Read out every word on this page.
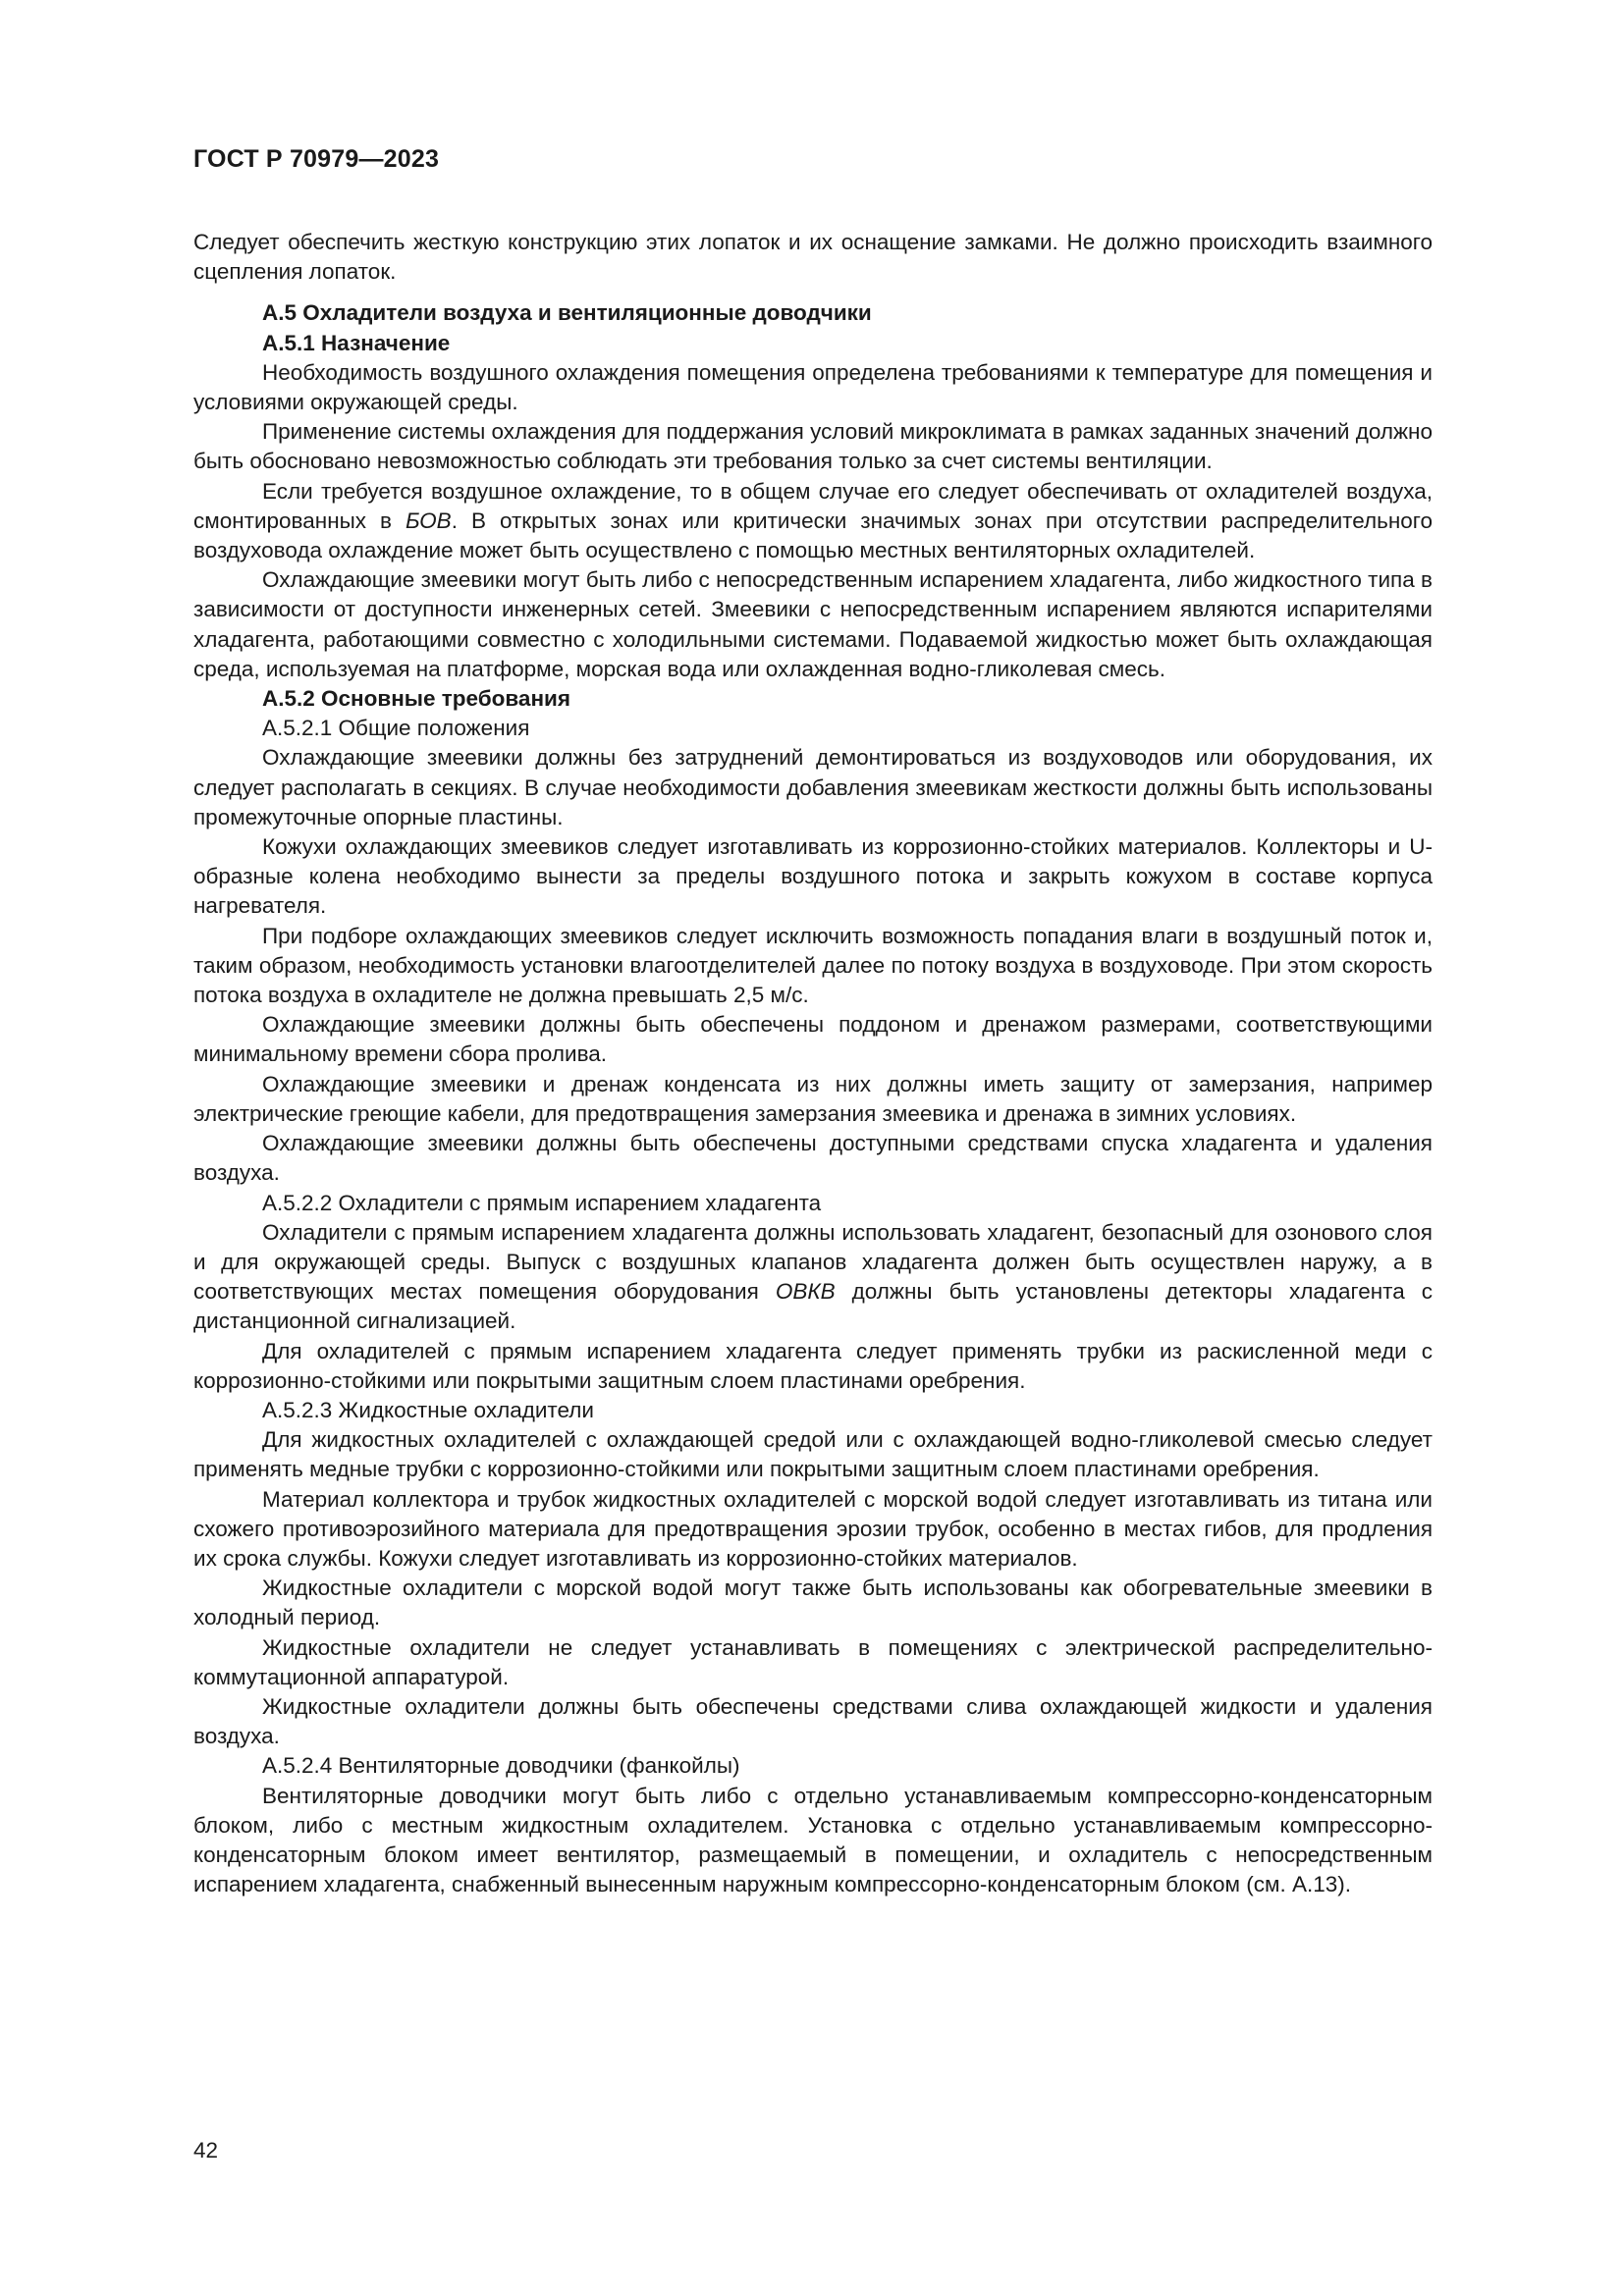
ГОСТ Р 70979—2023

Следует обеспечить жесткую конструкцию этих лопаток и их оснащение замками. Не должно происходить взаимного сцепления лопаток.

А.5 Охладители воздуха и вентиляционные доводчики

А.5.1 Назначение

Необходимость воздушного охлаждения помещения определена требованиями к температуре для помещения и условиями окружающей среды.

Применение системы охлаждения для поддержания условий микроклимата в рамках заданных значений должно быть обосновано невозможностью соблюдать эти требования только за счет системы вентиляции.

Если требуется воздушное охлаждение, то в общем случае его следует обеспечивать от охладителей воздуха, смонтированных в БОВ. В открытых зонах или критически значимых зонах при отсутствии распределительного воздуховода охлаждение может быть осуществлено с помощью местных вентиляторных охладителей.

Охлаждающие змеевики могут быть либо с непосредственным испарением хладагента, либо жидкостного типа в зависимости от доступности инженерных сетей. Змеевики с непосредственным испарением являются испарителями хладагента, работающими совместно с холодильными системами. Подаваемой жидкостью может быть охлаждающая среда, используемая на платформе, морская вода или охлажденная водно-гликолевая смесь.

А.5.2 Основные требования

А.5.2.1 Общие положения

Охлаждающие змеевики должны без затруднений демонтироваться из воздуховодов или оборудования, их следует располагать в секциях. В случае необходимости добавления змеевикам жесткости должны быть использованы промежуточные опорные пластины.

Кожухи охлаждающих змеевиков следует изготавливать из коррозионно-стойких материалов. Коллекторы и U-образные колена необходимо вынести за пределы воздушного потока и закрыть кожухом в составе корпуса нагревателя.

При подборе охлаждающих змеевиков следует исключить возможность попадания влаги в воздушный поток и, таким образом, необходимость установки влагоотделителей далее по потоку воздуха в воздуховоде. При этом скорость потока воздуха в охладителе не должна превышать 2,5 м/с.

Охлаждающие змеевики должны быть обеспечены поддоном и дренажом размерами, соответствующими минимальному времени сбора пролива.

Охлаждающие змеевики и дренаж конденсата из них должны иметь защиту от замерзания, например электрические греющие кабели, для предотвращения замерзания змеевика и дренажа в зимних условиях.

Охлаждающие змеевики должны быть обеспечены доступными средствами спуска хладагента и удаления воздуха.

А.5.2.2 Охладители с прямым испарением хладагента

Охладители с прямым испарением хладагента должны использовать хладагент, безопасный для озонового слоя и для окружающей среды. Выпуск с воздушных клапанов хладагента должен быть осуществлен наружу, а в соответствующих местах помещения оборудования ОВКВ должны быть установлены детекторы хладагента с дистанционной сигнализацией.

Для охладителей с прямым испарением хладагента следует применять трубки из раскисленной меди с коррозионно-стойкими или покрытыми защитным слоем пластинами оребрения.

А.5.2.3 Жидкостные охладители

Для жидкостных охладителей с охлаждающей средой или с охлаждающей водно-гликолевой смесью следует применять медные трубки с коррозионно-стойкими или покрытыми защитным слоем пластинами оребрения.

Материал коллектора и трубок жидкостных охладителей с морской водой следует изготавливать из титана или схожего противоэрозийного материала для предотвращения эрозии трубок, особенно в местах гибов, для продления их срока службы. Кожухи следует изготавливать из коррозионно-стойких материалов.

Жидкостные охладители с морской водой могут также быть использованы как обогревательные змеевики в холодный период.

Жидкостные охладители не следует устанавливать в помещениях с электрической распределительно-коммутационной аппаратурой.

Жидкостные охладители должны быть обеспечены средствами слива охлаждающей жидкости и удаления воздуха.

А.5.2.4 Вентиляторные доводчики (фанкойлы)

Вентиляторные доводчики могут быть либо с отдельно устанавливаемым компрессорно-конденсаторным блоком, либо с местным жидкостным охладителем. Установка с отдельно устанавливаемым компрессорно-конденсаторным блоком имеет вентилятор, размещаемый в помещении, и охладитель с непосредственным испарением хладагента, снабженный вынесенным наружным компрессорно-конденсаторным блоком (см. А.13).

42
